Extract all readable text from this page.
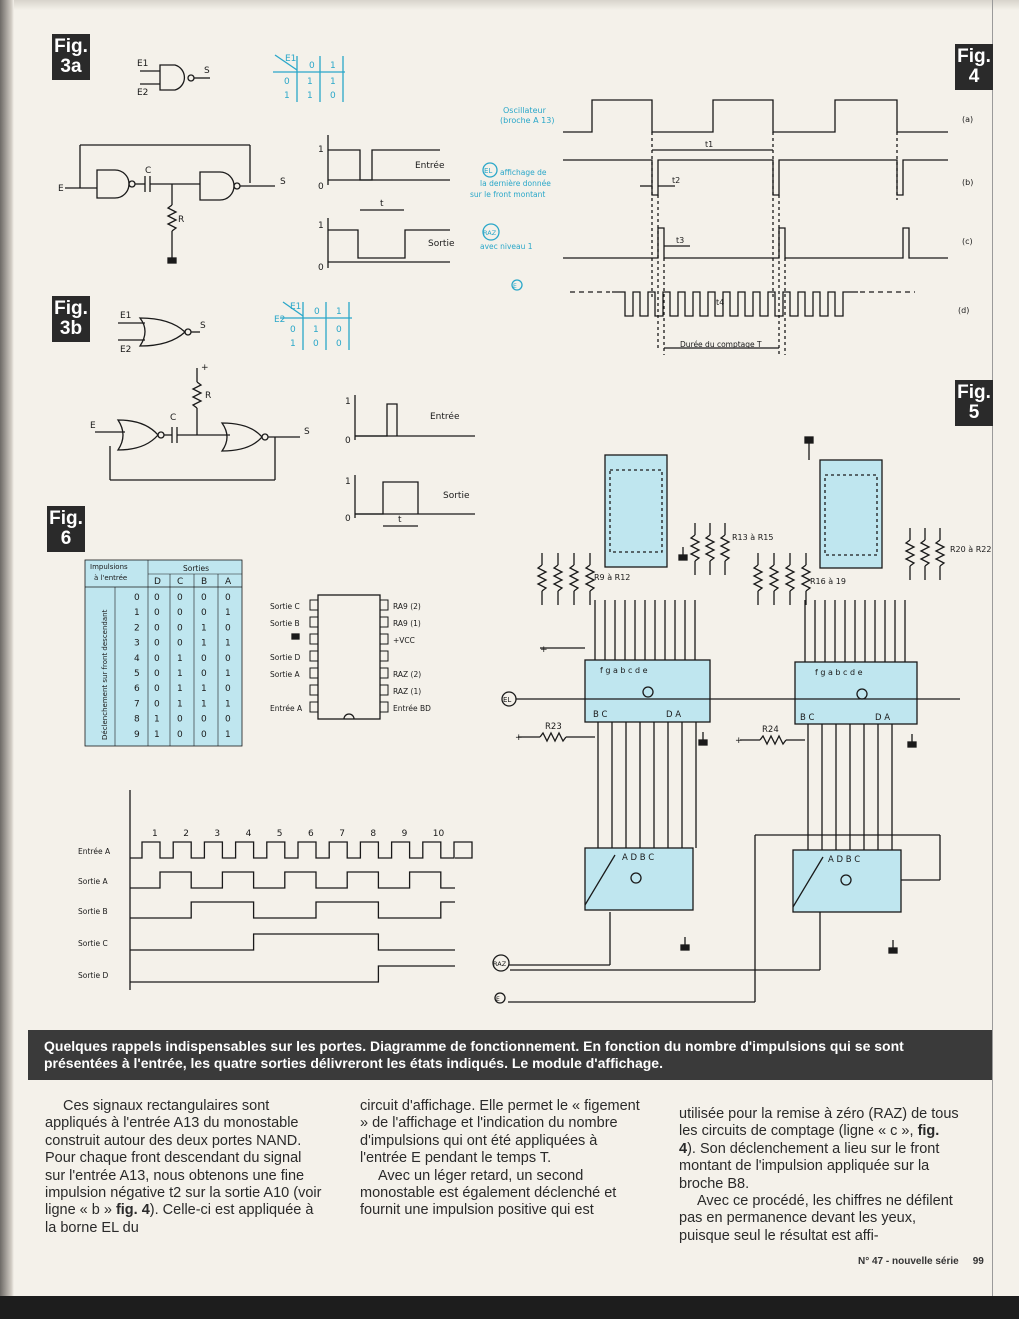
Fig.
3a
Fig.
3b
Fig.
4
Fig.
5
Fig.
6
E1
E2
S
E1
0 1
0 1 1
1 1 0
E
C
R
S
1
0
Entrée
t
1
0
Sortie
E1
E2
S
E1
E2
0 1
0 1 0
1 0 0
+
R
E
C
S
1
0
Entrée
t
1
0
Sortie
Oscillateur
(broche A 13)	(a)
EL affichage de
la dernière donnée
sur le front montant
(b)
t1
t2
RAZ
avec niveau 1
(c)
t3
E
(d)
t4
Durée du comptage T
R9 à R12
R13 à R15
R16 à 19
R20 à R22
f g a b c d e	f g a b c d e
B C	D A	B C	D A
A D B C	A D B C
EL
+
R23
+
R24
RAZ
E
+
Impulsions
à l'entrée
Sorties
D C B A
0 0 0 0 0
1 0 0 0 1
2 0 0 1 0
3 0 0 1 1
4 0 1 0 0
5 0 1 0 1
6 0 1 1 0
7 0 1 1 1
8 1 0 0 0
9 1 0 0 1
Déclenchement sur front descendant
Sortie C	RA9 (2)
Sortie B	RA9 (1)
+VCC
Sortie D
Sortie A	RAZ (2)
RAZ (1)
Entrée A	Entrée BD
1	2	3	4	5	6	7	8	9	10
Entrée A
Sortie A
Sortie B
Sortie C
Sortie D
Quelques rappels indispensables sur les portes. Diagramme de fonctionnement. En fonction du nombre d'impulsions qui se sont présentées à l'entrée, les quatre sorties délivreront les états indiqués. Le module d'affichage.

Ces signaux rectangulaires sont appliqués à l'entrée A13 du monostable construit autour des deux portes NAND. Pour chaque front descendant du signal sur l'entrée A13, nous obtenons une fine impulsion négative t2 sur la sortie A10 (voir ligne « b » fig. 4). Celle-ci est appliquée à la borne EL du

circuit d'affichage. Elle permet le « figement » de l'affichage et l'indication du nombre d'impulsions qui ont été appliquées à l'entrée E pendant le temps T.

Avec un léger retard, un second monostable est également déclenché et fournit une impulsion positive qui est

utilisée pour la remise à zéro (RAZ) de tous les circuits de comptage (ligne « c », fig. 4). Son déclenchement a lieu sur le front montant de l'impulsion appliquée sur la broche B8.

Avec ce procédé, les chiffres ne défilent pas en permanence devant les yeux, puisque seul le résultat est affi-

N° 47 - nouvelle série 99
